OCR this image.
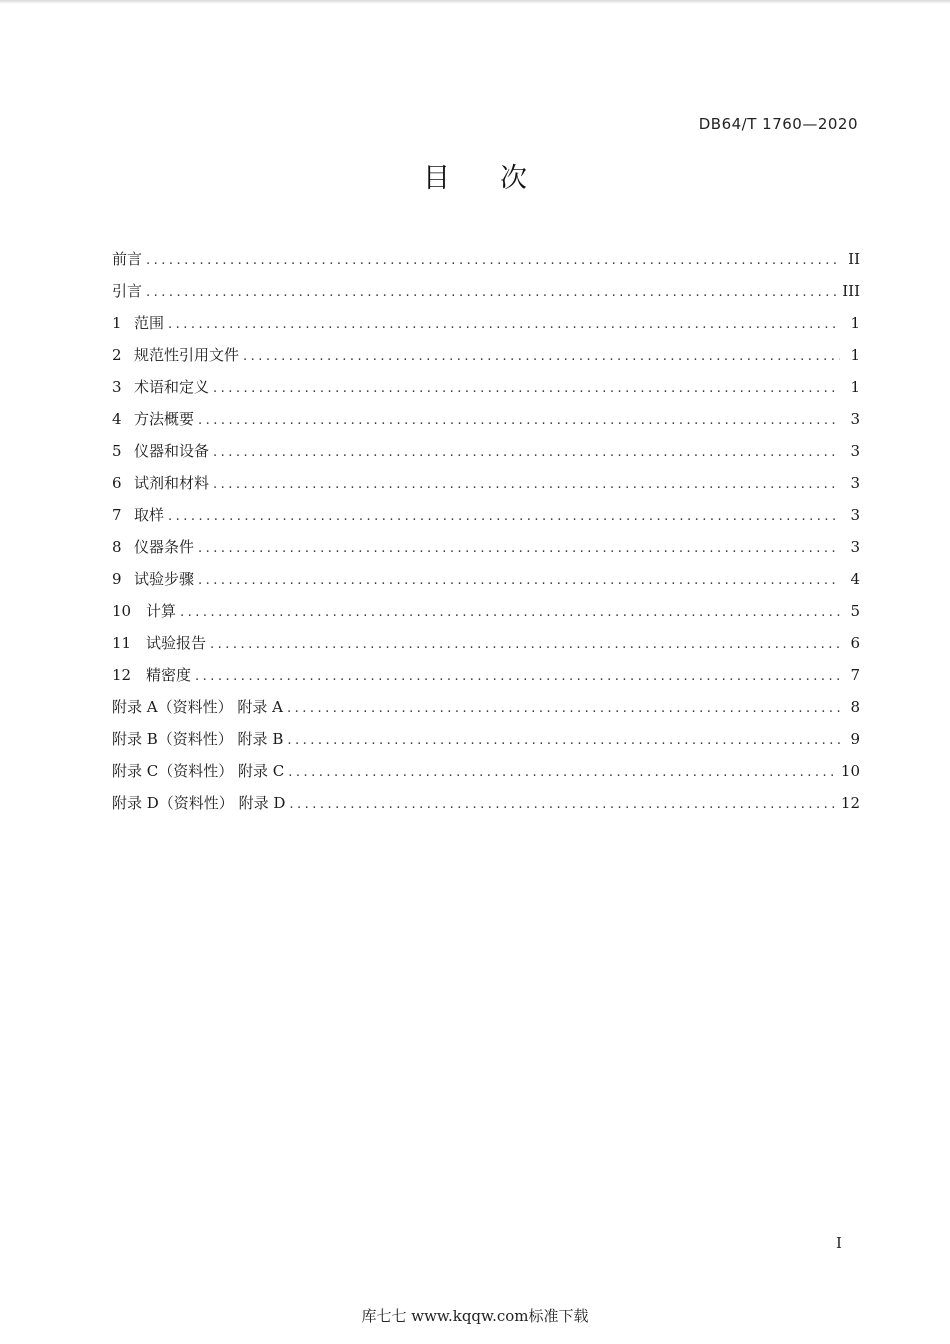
DB64/T 1760—2020
目次
前言 .....	II
引言 .....	III
1 范围 .....	1
2 规范性引用文件 .....	1
3 术语和定义 .....	1
4 方法概要 .....	3
5 仪器和设备 .....	3
6 试剂和材料 .....	3
7 取样 .....	3
8 仪器条件 .....	3
9 试验步骤 .....	4
10 计算 .....	5
11 试验报告 .....	6
12 精密度 .....	7
附录 A（资料性） 附录 A .....	8
附录 B（资料性） 附录 B .....	9
附录 C（资料性） 附录 C .....	10
附录 D（资料性） 附录 D .....	12
I
库七七 www.kqqw.com标准下载
